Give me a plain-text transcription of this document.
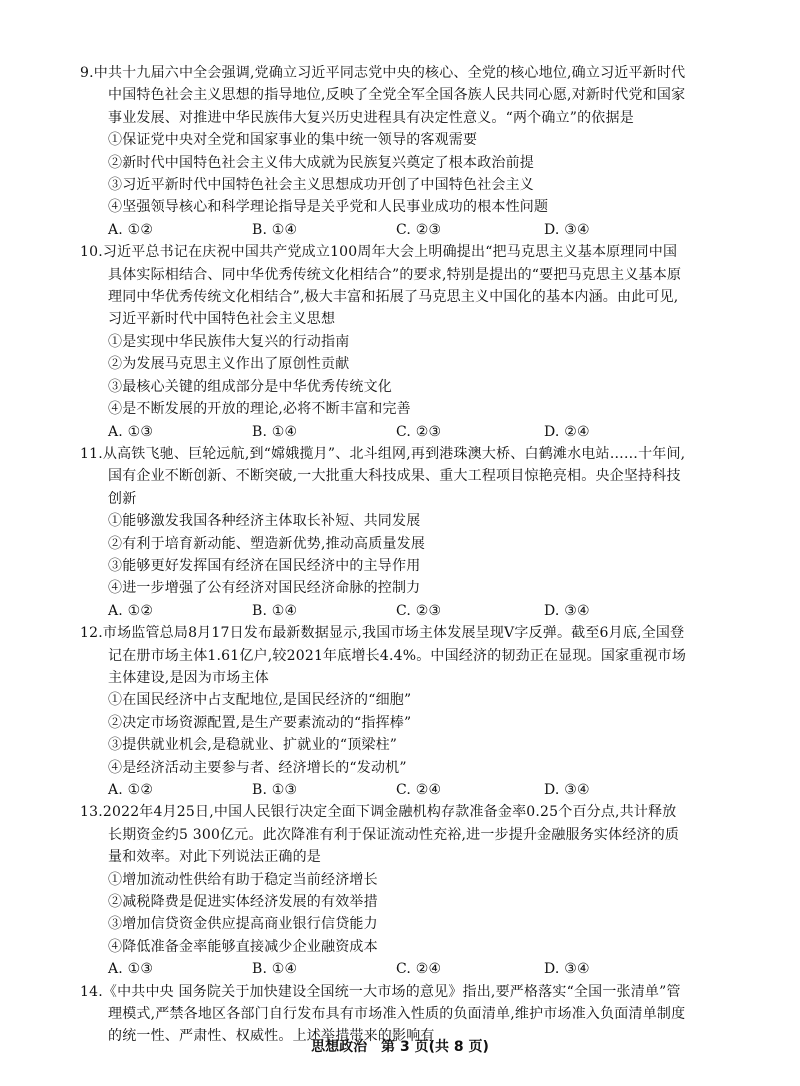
9.中共十九届六中全会强调,党确立习近平同志党中央的核心、全党的核心地位,确立习近平新时代中国特色社会主义思想的指导地位,反映了全党全军全国各族人民共同心愿,对新时代党和国家事业发展、对推进中华民族伟大复兴历史进程具有决定性意义。“两个确立”的依据是

①保证党中央对全党和国家事业的集中统一领导的客观需要

②新时代中国特色社会主义伟大成就为民族复兴奠定了根本政治前提

③习近平新时代中国特色社会主义思想成功开创了中国特色社会主义

④坚强领导核心和科学理论指导是关乎党和人民事业成功的根本性问题

A. ①②	B. ①④	C. ②③	D. ③④

10.习近平总书记在庆祝中国共产党成立100周年大会上明确提出“把马克思主义基本原理同中国具体实际相结合、同中华优秀传统文化相结合”的要求,特别是提出的“要把马克思主义基本原理同中华优秀传统文化相结合”,极大丰富和拓展了马克思主义中国化的基本内涵。由此可见,习近平新时代中国特色社会主义思想

①是实现中华民族伟大复兴的行动指南

②为发展马克思主义作出了原创性贡献

③最核心关键的组成部分是中华优秀传统文化

④是不断发展的开放的理论,必将不断丰富和完善

A. ①③	B. ①④	C. ②③	D. ②④

11.从高铁飞驰、巨轮远航,到“嫦娥揽月”、北斗组网,再到港珠澳大桥、白鹤滩水电站……十年间,国有企业不断创新、不断突破,一大批重大科技成果、重大工程项目惊艳亮相。央企坚持科技创新

①能够激发我国各种经济主体取长补短、共同发展

②有利于培育新动能、塑造新优势,推动高质量发展

③能够更好发挥国有经济在国民经济中的主导作用

④进一步增强了公有经济对国民经济命脉的控制力

A. ①②	B. ①④	C. ②③	D. ③④

12.市场监管总局8月17日发布最新数据显示,我国市场主体发展呈现V字反弹。截至6月底,全国登记在册市场主体1.61亿户,较2021年底增长4.4%。中国经济的韧劲正在显现。国家重视市场主体建设,是因为市场主体

①在国民经济中占支配地位,是国民经济的“细胞”

②决定市场资源配置,是生产要素流动的“指挥棒”

③提供就业机会,是稳就业、扩就业的“顶梁柱”

④是经济活动主要参与者、经济增长的“发动机”

A. ①②	B. ①③	C. ②④	D. ③④

13.2022年4月25日,中国人民银行决定全面下调金融机构存款准备金率0.25个百分点,共计释放长期资金约5 300亿元。此次降准有利于保证流动性充裕,进一步提升金融服务实体经济的质量和效率。对此下列说法正确的是

①增加流动性供给有助于稳定当前经济增长

②减税降费是促进实体经济发展的有效举措

③增加信贷资金供应提高商业银行信贷能力

④降低准备金率能够直接减少企业融资成本

A. ①③	B. ①④	C. ②④	D. ③④

14.《中共中央 国务院关于加快建设全国统一大市场的意见》指出,要严格落实“全国一张清单”管理模式,严禁各地区各部门自行发布具有市场准入性质的负面清单,维护市场准入负面清单制度的统一性、严肃性、权威性。上述举措带来的影响有

思想政治　第 3 页(共 8 页)
